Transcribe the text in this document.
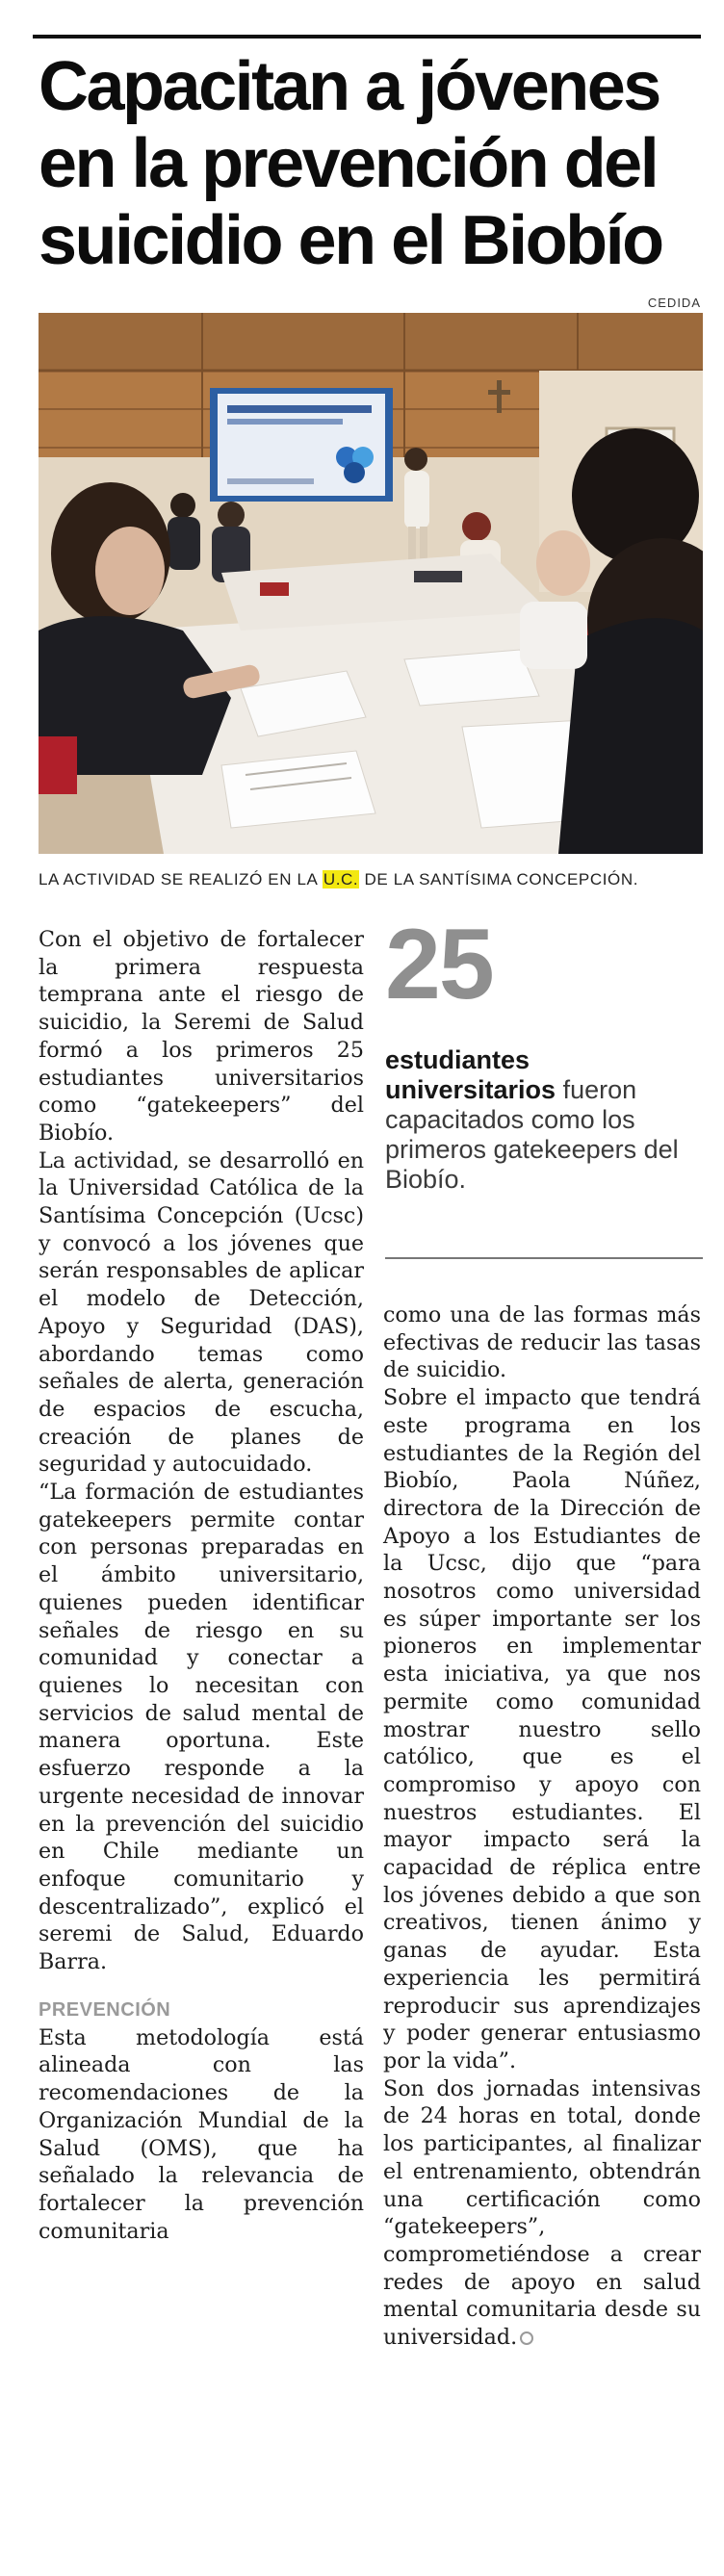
Capacitan a jóvenes en la prevención del suicidio en el Biobío
CEDIDA
LA ACTIVIDAD SE REALIZÓ EN LA U.C. DE LA SANTÍSIMA CONCEPCIÓN.

Con el objetivo de fortalecer la primera respuesta temprana ante el riesgo de suicidio, la Seremi de Salud formó a los primeros 25 estudiantes universitarios como “gatekeepers” del Biobío.

La actividad, se desarrolló en la Universidad Católica de la Santísima Concepción (Ucsc) y convocó a los jóvenes que serán responsables de aplicar el modelo de Detección, Apoyo y Seguridad (DAS), abordando temas como señales de alerta, generación de espacios de escucha, creación de planes de seguridad y autocuidado.

“La formación de estudiantes gatekeepers permite contar con personas preparadas en el ámbito universitario, quienes pueden identificar señales de riesgo en su comunidad y conectar a quienes lo necesitan con servicios de salud mental de manera oportuna. Este esfuerzo responde a la urgente necesidad de innovar en la prevención del suicidio en Chile mediante un enfoque comunitario y descentralizado”, explicó el seremi de Salud, Eduardo Barra.

PREVENCIÓN

Esta metodología está alineada con las recomendaciones de la Organización Mundial de la Salud (OMS), que ha señalado la relevancia de fortalecer la prevención comunitaria

25
estudiantes universitarios fueron capacitados como los primeros gatekeepers del Biobío.

como una de las formas más efectivas de reducir las tasas de suicidio.

Sobre el impacto que tendrá este programa en los estudiantes de la Región del Biobío, Paola Núñez, directora de la Dirección de Apoyo a los Estudiantes de la Ucsc, dijo que “para nosotros como universidad es súper importante ser los pioneros en implementar esta iniciativa, ya que nos permite como comunidad mostrar nuestro sello católico, que es el compromiso y apoyo con nuestros estudiantes. El mayor impacto será la capacidad de réplica entre los jóvenes debido a que son creativos, tienen ánimo y ganas de ayudar. Esta experiencia les permitirá reproducir sus aprendizajes y poder generar entusiasmo por la vida”.

Son dos jornadas intensivas de 24 horas en total, donde los participantes, al finalizar el entrenamiento, obtendrán una certificación como “gatekeepers”, comprometiéndose a crear redes de apoyo en salud mental comunitaria desde su universidad.
